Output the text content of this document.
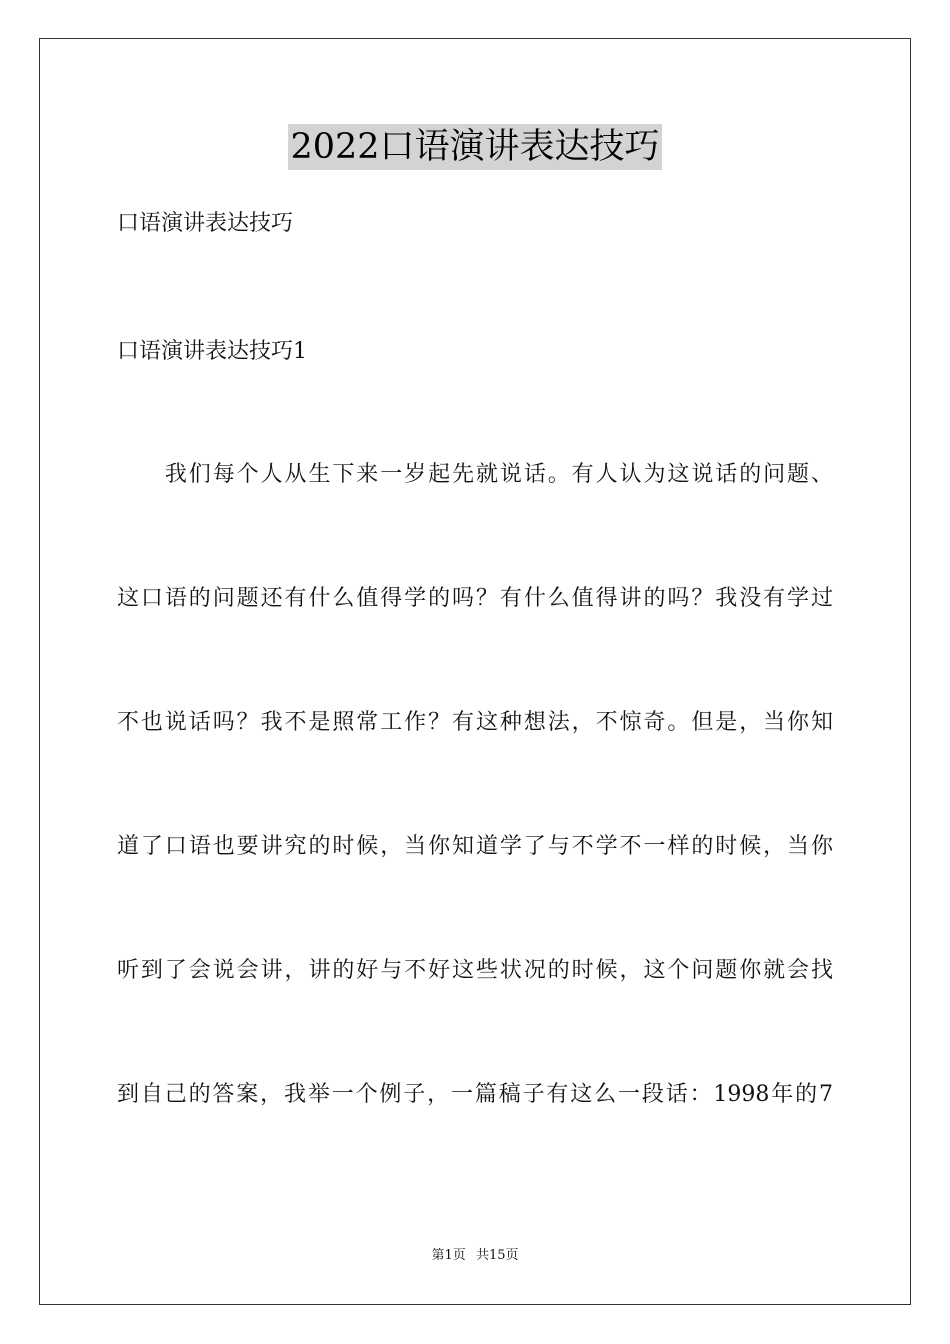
2022口语演讲表达技巧
口语演讲表达技巧
口语演讲表达技巧1
　　我们每个人从生下来一岁起先就说话。有人认为这说话的问题、
这口语的问题还有什么值得学的吗？有什么值得讲的吗？我没有学过
不也说话吗？我不是照常工作？有这种想法，不惊奇。但是，当你知
道了口语也要讲究的时候，当你知道学了与不学不一样的时候，当你
听到了会说会讲，讲的好与不好这些状况的时候，这个问题你就会找
到自己的答案，我举一个例子，一篇稿子有这么一段话：1998年的7
第1页 共15页
